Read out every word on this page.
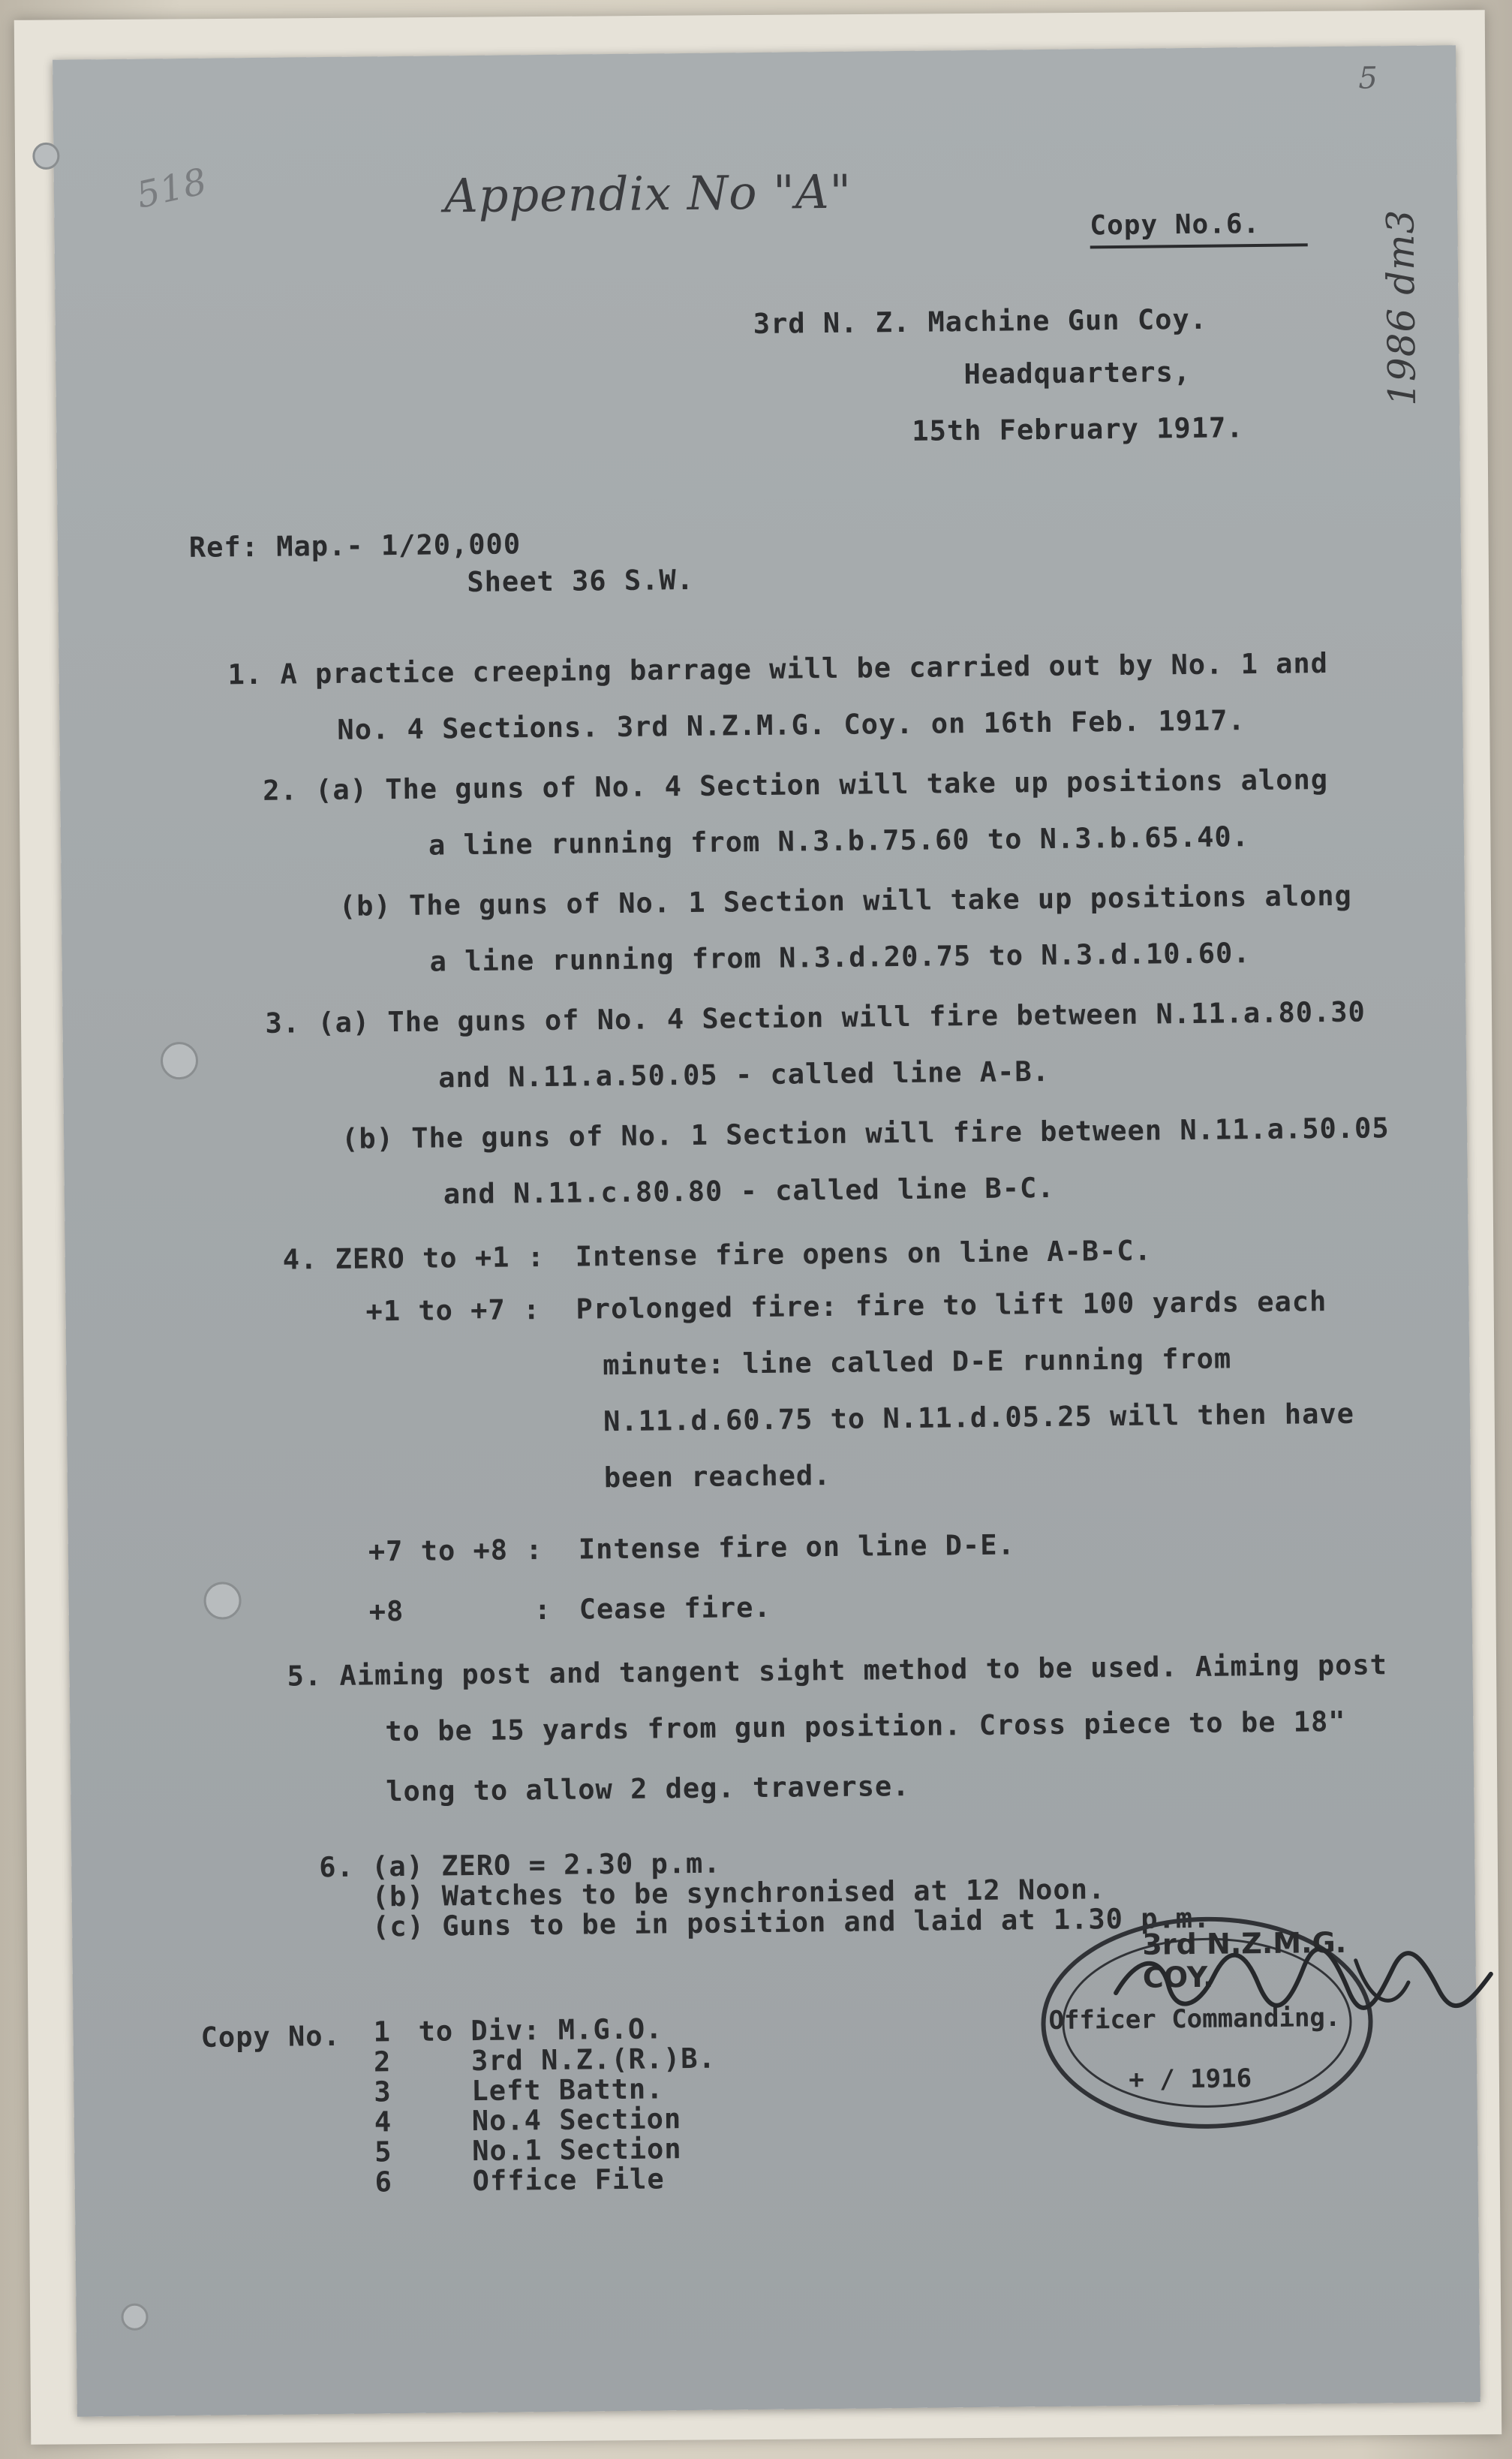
5
518
1986 dm3
Appendix No "A"
Copy No.6.
3rd N. Z. Machine Gun Coy.
Headquarters,
15th February 1917.
Ref: Map.- 1/20,000
Sheet 36 S.W.
1. A practice creeping barrage will be carried out by No. 1 and
No. 4 Sections. 3rd N.Z.M.G. Coy. on 16th Feb. 1917.
2. (a) The guns of No. 4 Section will take up positions along
a line running from N.3.b.75.60 to N.3.b.65.40.
(b) The guns of No. 1 Section will take up positions along
a line running from N.3.d.20.75 to N.3.d.10.60.
3. (a) The guns of No. 4 Section will fire between N.11.a.80.30
and N.11.a.50.05 - called line A-B.
(b) The guns of No. 1 Section will fire between N.11.a.50.05
and N.11.c.80.80 - called line B-C.
4. ZERO to +1 : Intense fire opens on line A-B-C.
+1 to +7 : Prolonged fire: fire to lift 100 yards each
minute: line called D-E running from
N.11.d.60.75 to N.11.d.05.25 will then have
been reached.
+7 to +8 : Intense fire on line D-E.
+8	: Cease fire.
5. Aiming post and tangent sight method to be used. Aiming post
to be 15 yards from gun position. Cross piece to be 18"
long to allow 2 deg. traverse.
6. (a) ZERO = 2.30 p.m.
(b) Watches to be synchronised at 12 Noon.
(c) Guns to be in position and laid at 1.30 p.m.
Copy No. 1 to Div: M.G.O.
2	3rd N.Z.(R.)B.
3	Left Battn.
4	No.4 Section
5	No.1 Section
6	Office File
3rd N.Z.M.G. COY.
Officer Commanding.
+ / 1916
